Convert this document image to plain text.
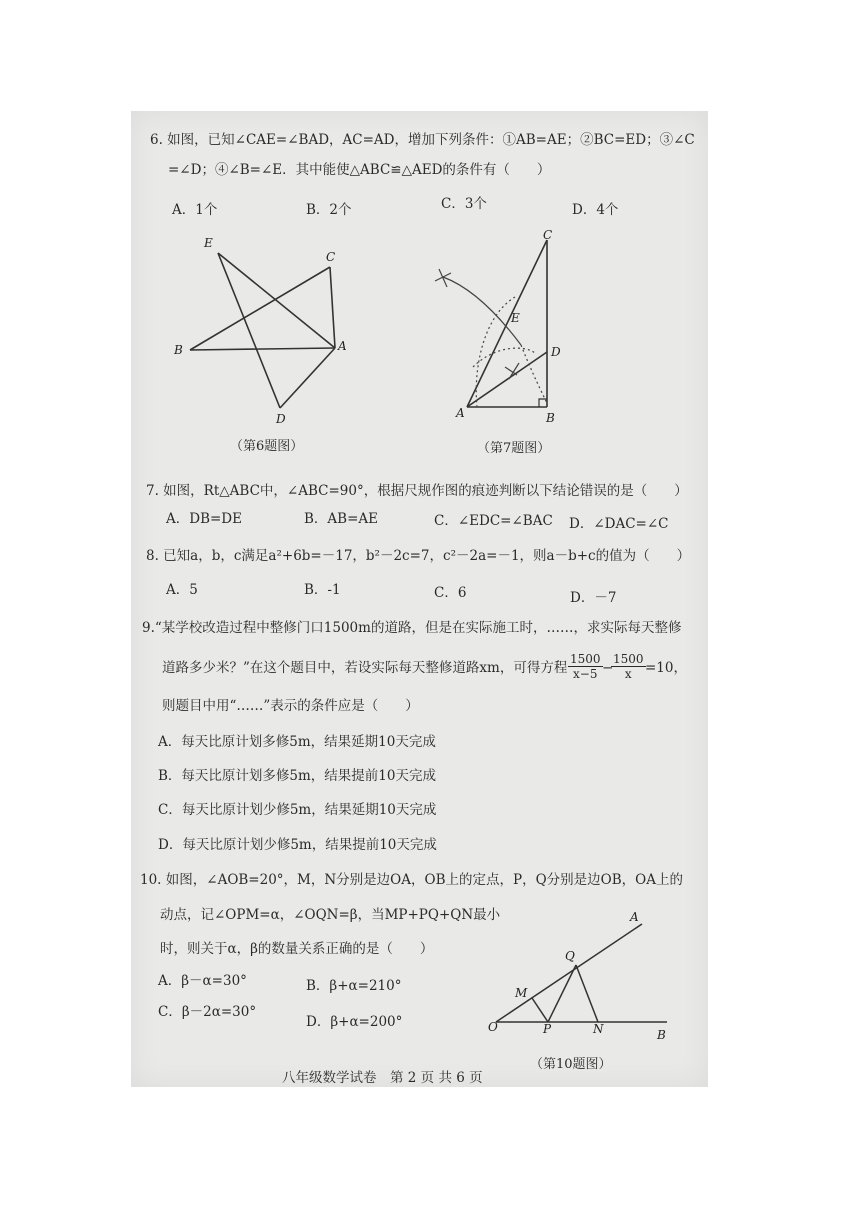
6. 如图，已知∠CAE=∠BAD，AC=AD，增加下列条件：①AB=AE；②BC=ED；③∠C
=∠D；④∠B=∠E．其中能使△ABC≌△AED的条件有（　　）
A．1个	B．2个	C．3个	D．4个
E
C
B	A
D
（第6题图）
C
E
D
A	B
（第7题图）
7. 如图，Rt△ABC中，∠ABC=90°，根据尺规作图的痕迹判断以下结论错误的是（　　）
A．DB=DE	B．AB=AE	C．∠EDC=∠BAC D．∠DAC=∠C
8. 已知a，b，c满足a²+6b=－17，b²－2c=7，c²－2a=－1，则a－b+c的值为（　　）
A．5	B．-1	C．6	D．－7
9.“某学校改造过程中整修门口1500m的道路，但是在实际施工时，……，求实际每天整修
道路多少米？”在这个题目中，若设实际每天整修道路xm，可得方程 $\frac{1500}{x-5}$ −
$\frac{1500}{x} =10$，
则题目中用“……”表示的条件应是（　　）
A．每天比原计划多修5m，结果延期10天完成
B．每天比原计划多修5m，结果提前10天完成
C．每天比原计划少修5m，结果延期10天完成
D．每天比原计划少修5m，结果提前10天完成
10. 如图，∠AOB=20°，M，N分别是边OA，OB上的定点，P，Q分别是边OB，OA上的
动点，记∠OPM=α，∠OQN=β，当MP+PQ+QN最小
时，则关于α，β的数量关系正确的是（　　）
A．β－α=30°	B．β+α=210°
C．β－2α=30°
D．β+α=200°
A
Q
M
O	P	N	B
（第10题图）
八年级数学试卷　第 2 页 共 6 页
